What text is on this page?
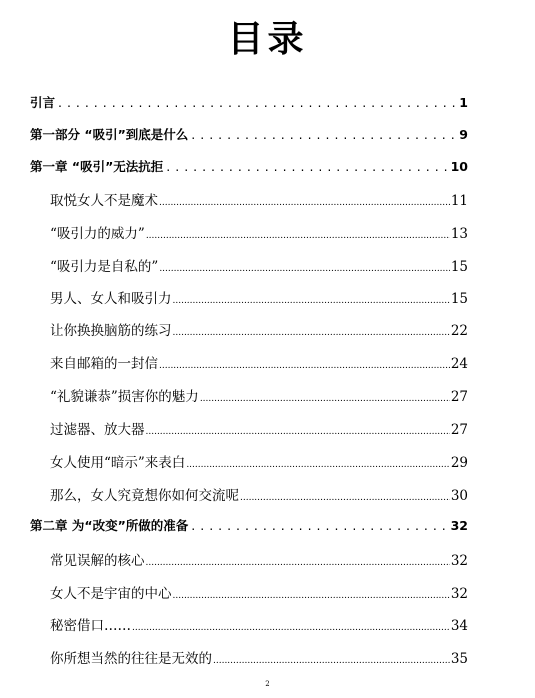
目录
引言 . . .	1
第一部分 “吸引”到底是什么 . . .	9
第一章 “吸引”无法抗拒 . . .	10
取悦女人不是魔术 .....	11
“吸引力的威力” .....	13
“吸引力是自私的” .....	15
男人、女人和吸引力 .....	15
让你换换脑筋的练习 .....	22
来自邮箱的一封信 .....	24
“礼貌谦恭”损害你的魅力 .....	27
过滤器、放大器 .....	27
女人使用“暗示”来表白 .....	29
那么，女人究竟想你如何交流呢 .....	30
第二章 为“改变”所做的准备 . . .	32
常见误解的核心 .....	32
女人不是宇宙的中心 .....	32
秘密借口…… .....	34
你所想当然的往往是无效的 .....	35
2
